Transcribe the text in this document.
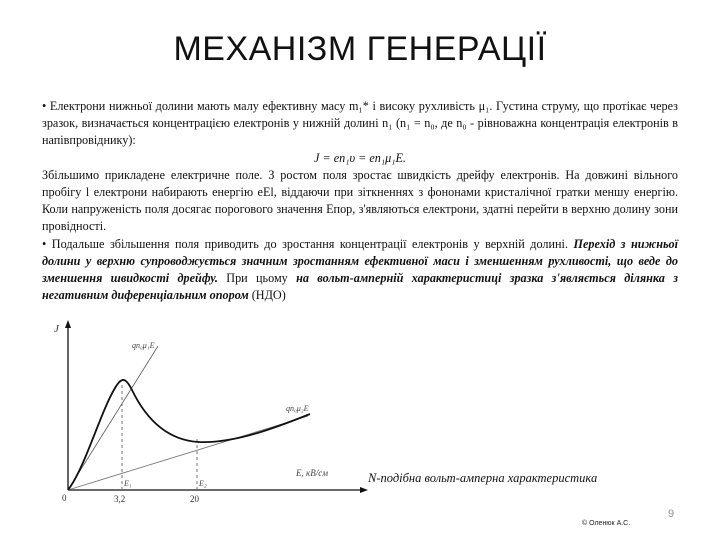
МЕХАНІЗМ ГЕНЕРАЦІЇ

• Електрони нижньої долини мають малу ефективну масу m₁* і високу рухливість μ₁. Густина струму, що протікає через зразок, визначається концентрацією електронів у нижній долині n₁ (n₁ = n₀, де n₀ - рівноважна концентрація електронів в напівпровіднику):

J = en₁υ = en₁μ₁E.

Збільшимо прикладене електричне поле. З ростом поля зростає швидкість дрейфу електронів. На довжині вільного пробігу l електрони набирають енергію eEl, віддаючи при зіткненнях з фононами кристалічної гратки меншу енергію. Коли напруженість поля досягає порогового значення Eпор, з'являються електрони, здатні перейти в верхню долину зони провідності.

• Подальше збільшення поля приводить до зростання концентрації електронів у верхній долині. Перехід з нижньої долини у верхню супроводжується значним зростанням ефективної маси і зменшенням рухливості, що веде до зменшення швидкості дрейфу. При цьому на вольт-амперній характеристиці зразка з'являється ділянка з негативним диференціальним опором (НДО)

J
qn₀μ₁E
qn₀μ₂E
E, кВ/см
0
E₁	E₂
3,2	20
N-подібна вольт-амперна характеристика
© Оленюк А.С.
9
